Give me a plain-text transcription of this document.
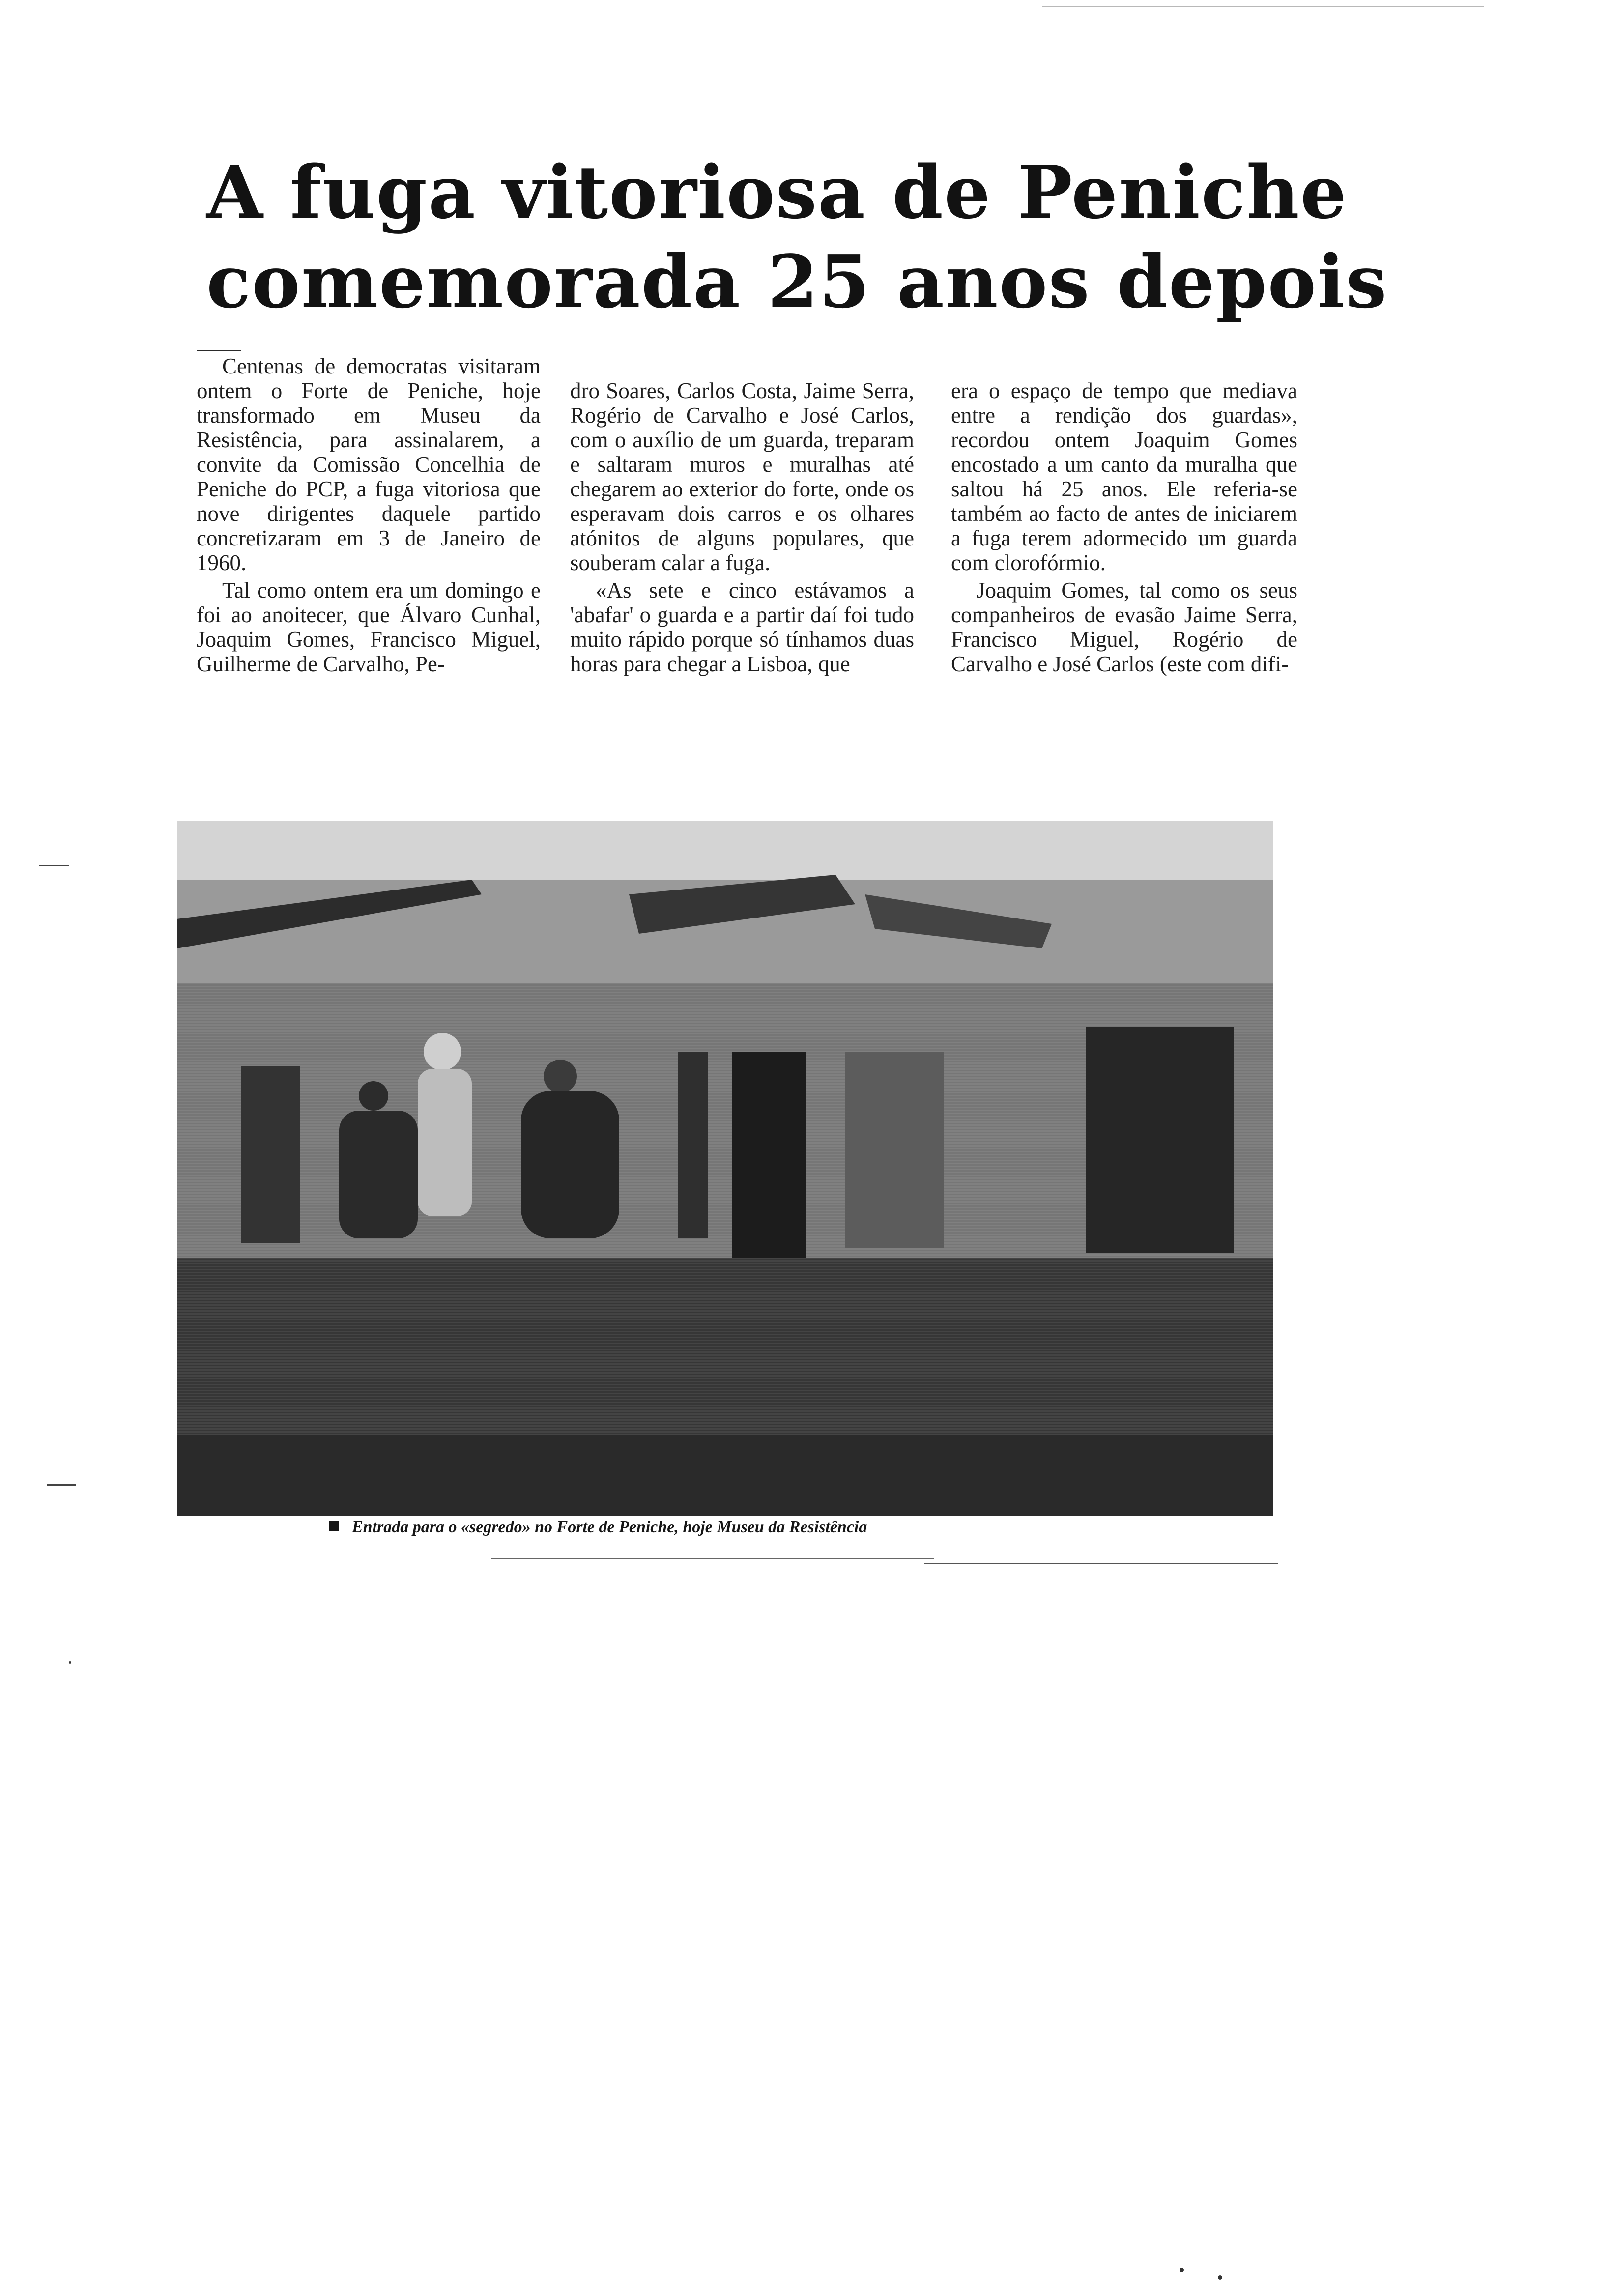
A fuga vitoriosa de Peniche
comemorada 25 anos depois

Centenas de democratas visitaram ontem o Forte de Peniche, hoje transformado em Museu da Resistência, para assinalarem, a convite da Comissão Concelhia de Peniche do PCP, a fuga vitoriosa que nove dirigentes daquele partido concretizaram em 3 de Janeiro de 1960.

Tal como ontem era um domingo e foi ao anoitecer, que Álvaro Cunhal, Joaquim Gomes, Francisco Miguel, Guilherme de Carvalho, Pe-

dro Soares, Carlos Costa, Jaime Serra, Rogério de Carvalho e José Carlos, com o auxílio de um guarda, treparam e saltaram muros e muralhas até chegarem ao exterior do forte, onde os esperavam dois carros e os olhares atónitos de alguns populares, que souberam calar a fuga.

«As sete e cinco estávamos a 'abafar' o guarda e a partir daí foi tudo muito rápido porque só tínhamos duas horas para chegar a Lisboa, que

era o espaço de tempo que mediava entre a rendição dos guardas», recordou ontem Joaquim Gomes encostado a um canto da muralha que saltou há 25 anos. Ele referia-se também ao facto de antes de iniciarem a fuga terem adormecido um guarda com clorofórmio.

Joaquim Gomes, tal como os seus companheiros de evasão Jaime Serra, Francisco Miguel, Rogério de Carvalho e José Carlos (este com difi-

Entrada para o «segredo» no Forte de Peniche, hoje Museu da Resistência
